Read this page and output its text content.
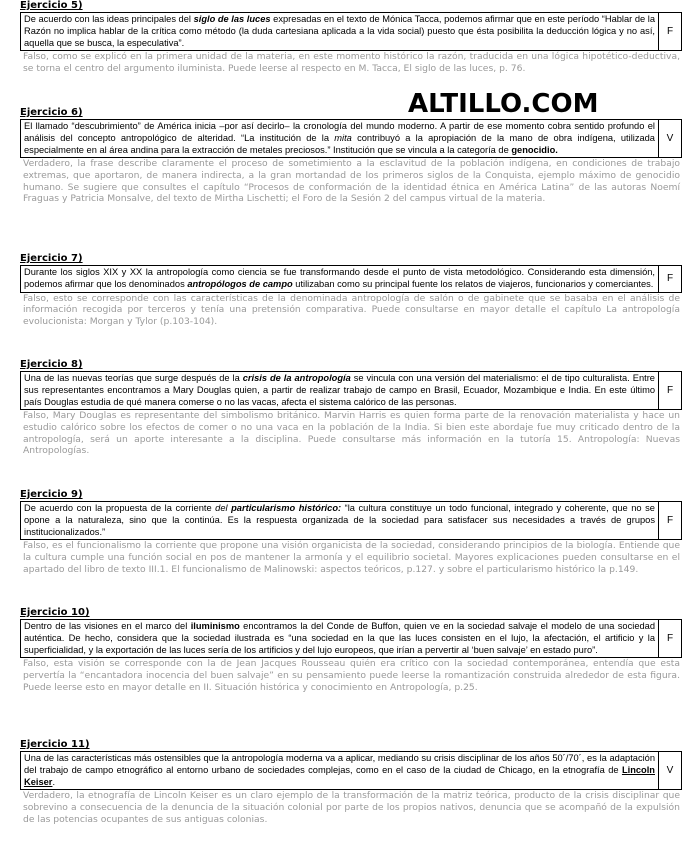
ALTILLO.COM
Ejercicio 5)
De acuerdo con las ideas principales del siglo de las luces expresadas en el texto de Mónica Tacca, podemos afirmar que en este período “Hablar de la Razón no implica hablar de la crítica como método (la duda cartesiana aplicada a la vida social) puesto que ésta posibilita la deducción lógica y no así, aquella que se busca, la especulativa”.
F
Falso, como se explicó en la primera unidad de la materia, en este momento histórico la razón, traducida en una lógica hipotético-deductiva, se torna el centro del argumento iluminista. Puede leerse al respecto en M. Tacca, El siglo de las luces, p. 76.
Ejercicio 6)
El llamado “descubrimiento” de América inicia –por así decirlo– la cronología del mundo moderno. A partir de ese momento cobra sentido profundo el análisis del concepto antropológico de alteridad. “La institución de la mita contribuyó a la apropiación de la mano de obra indígena, utilizada especialmente en al área andina para la extracción de metales preciosos.” Institución que se vincula a la categoría de genocidio.
V
Verdadero, la frase describe claramente el proceso de sometimiento a la esclavitud de la población indígena, en condiciones de trabajo extremas, que aportaron, de manera indirecta, a la gran mortandad de los primeros siglos de la Conquista, ejemplo máximo de genocidio humano. Se sugiere que consultes el capítulo “Procesos de conformación de la identidad étnica en América Latina” de las autoras Noemí Fraguas y Patricia Monsalve, del texto de Mirtha Lischetti; el Foro de la Sesión 2 del campus virtual de la materia.
Ejercicio 7)
Durante los siglos XIX y XX la antropología como ciencia se fue transformando desde el punto de vista metodológico. Considerando esta dimensión, podemos afirmar que los denominados antropólogos de campo utilizaban como su principal fuente los relatos de viajeros, funcionarios y comerciantes.	F
Falso, esto se corresponde con las características de la denominada antropología de salón o de gabinete que se basaba en el análisis de información recogida por terceros y tenía una pretensión comparativa. Puede consultarse en mayor detalle el capítulo La antropología evolucionista: Morgan y Tylor (p.103-104).
Ejercicio 8)
Una de las nuevas teorías que surge después de la crisis de la antropología se vincula con una versión del materialismo: el de tipo culturalista. Entre sus representantes encontramos a Mary Douglas quien, a partir de realizar trabajo de campo en Brasil, Ecuador, Mozambique e India. En este último país Douglas estudia de qué manera comerse o no las vacas, afecta el sistema calórico de las personas.
F
Falso, Mary Douglas es representante del simbolismo británico. Marvin Harris es quien forma parte de la renovación materialista y hace un estudio calórico sobre los efectos de comer o no una vaca en la población de la India. Si bien este abordaje fue muy criticado dentro de la antropología, será un aporte interesante a la disciplina. Puede consultarse más información en la tutoría 15. Antropología: Nuevas Antropologías.
Ejercicio 9)
De acuerdo con la propuesta de la corriente del particularismo histórico: “la cultura constituye un todo funcional, integrado y coherente, que no se opone a la naturaleza, sino que la continúa. Es la respuesta organizada de la sociedad para satisfacer sus necesidades a través de grupos institucionalizados.”
F
Falso, es el funcionalismo la corriente que propone una visión organicista de la sociedad, considerando principios de la biología. Entiende que la cultura cumple una función social en pos de mantener la armonía y el equilibrio societal. Mayores explicaciones pueden consultarse en el apartado del libro de texto III.1. El funcionalismo de Malinowski: aspectos teóricos, p.127. y sobre el particularismo histórico la p.149.
Ejercicio 10)
Dentro de las visiones en el marco del iluminismo encontramos la del Conde de Buffon, quien ve en la sociedad salvaje el modelo de una sociedad auténtica. De hecho, considera que la sociedad ilustrada es “una sociedad en la que las luces consisten en el lujo, la afectación, el artificio y la superficialidad, y la exportación de las luces sería de los artificios y del lujo europeos, que irían a pervertir al ‘buen salvaje’ en estado puro”.
F
Falso, esta visión se corresponde con la de Jean Jacques Rousseau quién era crítico con la sociedad contemporánea, entendía que esta pervertía la “encantadora inocencia del buen salvaje” en su pensamiento puede leerse la romantización construida alrededor de esta figura. Puede leerse esto en mayor detalle en II. Situación histórica y conocimiento en Antropología, p.25.
Ejercicio 11)
Una de las características más ostensibles que la antropología moderna va a aplicar, mediando su crisis disciplinar de los años 50´/70´, es la adaptación del trabajo de campo etnográfico al entorno urbano de sociedades complejas, como en el caso de la ciudad de Chicago, en la etnografía de Lincoln Keiser.
V
Verdadero, la etnografía de Lincoln Keiser es un claro ejemplo de la transformación de la matriz teórica, producto de la crisis disciplinar que sobrevino a consecuencia de la denuncia de la situación colonial por parte de los propios nativos, denuncia que se acompañó de la expulsión de las potencias ocupantes de sus antiguas colonias.
